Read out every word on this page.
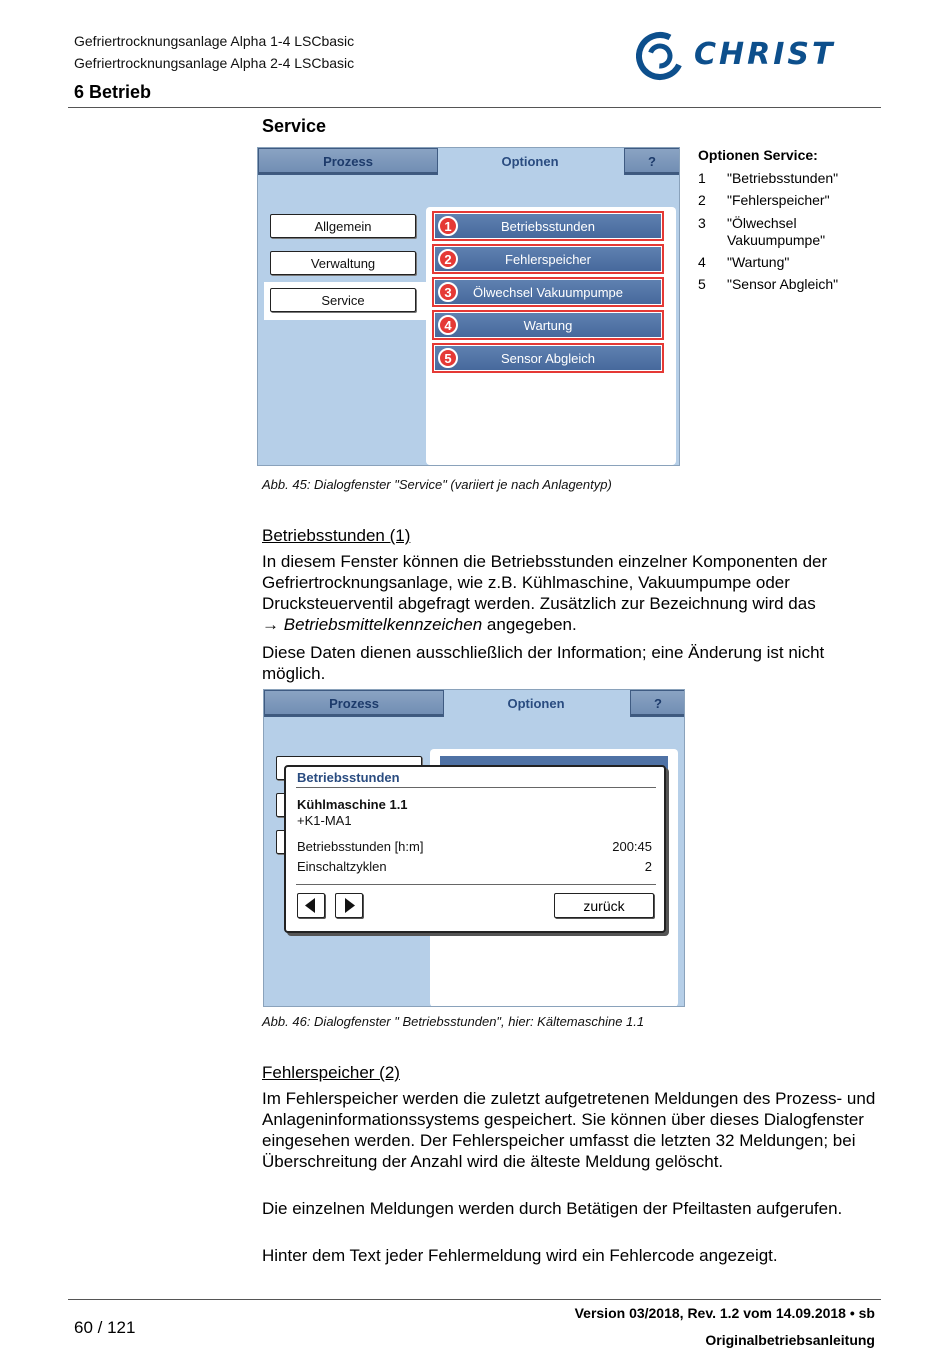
Gefriertrocknungsanlage Alpha 1-4 LSCbasic
Gefriertrocknungsanlage Alpha 2-4 LSCbasic
6 Betrieb
CHRIST
Service
Prozess	Optionen	?
Allgemein
Verwaltung
Service
Betriebsstunden
1
Fehlerspeicher
2
Ölwechsel Vakuumpumpe
3
Wartung
4
Sensor Abgleich
5
Abb. 45: Dialogfenster "Service" (variiert je nach Anlagentyp)
Optionen Service:
1 "Betriebsstunden"
2 "Fehlerspeicher"
3 "Ölwechsel Vakuumpumpe"
4 "Wartung"
5 "Sensor Abgleich"
Betriebsstunden (1)
In diesem Fenster können die Betriebsstunden einzelner Komponenten der Gefriertrocknungsanlage, wie z.B. Kühlmaschine, Vakuumpumpe oder Drucksteuerventil abgefragt werden. Zusätzlich zur Bezeichnung wird das
→ Betriebsmittelkennzeichen angegeben.
Diese Daten dienen ausschließlich der Information; eine Änderung ist nicht möglich.
Prozess	Optionen	?
Betriebsstunden
Kühlmaschine 1.1
+K1-MA1
Betriebsstunden [h:m]	200:45
Einschaltzyklen	2
zurück
Abb. 46: Dialogfenster " Betriebsstunden", hier: Kältemaschine 1.1
Fehlerspeicher (2)
Im Fehlerspeicher werden die zuletzt aufgetretenen Meldungen des Prozess- und Anlageninformationssystems gespeichert. Sie können über dieses Dialogfenster eingesehen werden. Der Fehlerspeicher umfasst die letzten 32 Meldungen; bei Überschreitung der Anzahl wird die älteste Meldung gelöscht.
Die einzelnen Meldungen werden durch Betätigen der Pfeiltasten aufgerufen.
Hinter dem Text jeder Fehlermeldung wird ein Fehlercode angezeigt.
60 / 121
Version 03/2018, Rev. 1.2 vom 14.09.2018 • sb
Originalbetriebsanleitung
